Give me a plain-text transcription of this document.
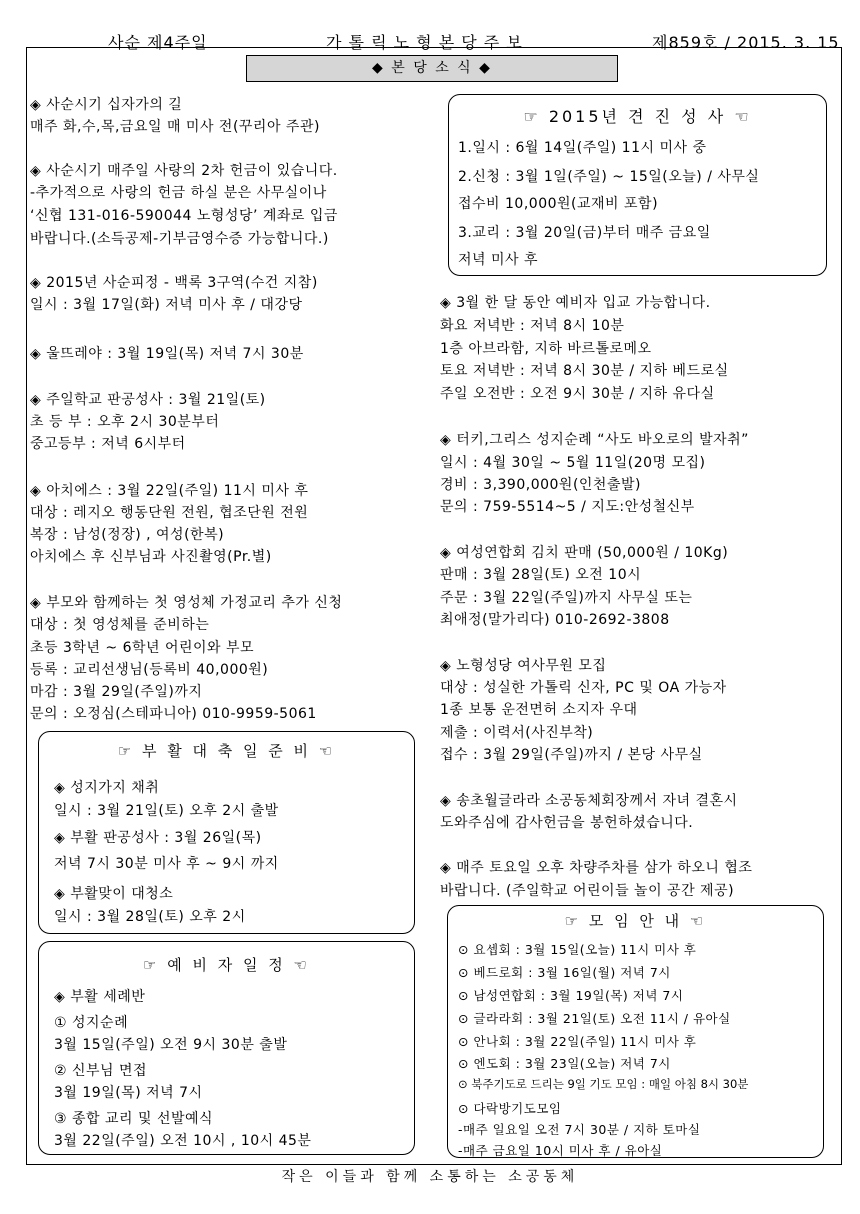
사순 제4주일	가 톨 릭 노 형 본 당 주 보	제859호 / 2015. 3. 15
◆ 본 당 소 식 ◆
◈ 사순시기 십자가의 길
매주 화,수,목,금요일 매 미사 전(꾸리아 주관)
◈ 사순시기 매주일 사랑의 2차 헌금이 있습니다.
-추가적으로 사랑의 헌금 하실 분은 사무실이나
‘신협 131-016-590044 노형성당’ 계좌로 입금
바랍니다.(소득공제-기부금영수증 가능합니다.)
◈ 2015년 사순피정 - 백록 3구역(수건 지참)
일시 : 3월 17일(화) 저녁 미사 후 / 대강당
◈ 울뜨레야 : 3월 19일(목) 저녁 7시 30분
◈ 주일학교 판공성사 : 3월 21일(토)
초 등 부 : 오후 2시 30분부터
중고등부 : 저녁 6시부터
◈ 아치에스 : 3월 22일(주일) 11시 미사 후
대상 : 레지오 행동단원 전원, 협조단원 전원
복장 : 남성(정장) , 여성(한복)
아치에스 후 신부님과 사진촬영(Pr.별)
◈ 부모와 함께하는 첫 영성체 가정교리 추가 신청
대상 : 첫 영성체를 준비하는
초등 3학년 ~ 6학년 어린이와 부모
등록 : 교리선생님(등록비 40,000원)
마감 : 3월 29일(주일)까지
문의 : 오정심(스테파니아) 010-9959-5061
☞ 부 활 대 축 일 준 비 ☜
◈ 성지가지 채취
일시 : 3월 21일(토) 오후 2시 출발
◈ 부활 판공성사 : 3월 26일(목)
저녁 7시 30분 미사 후 ~ 9시 까지
◈ 부활맞이 대청소
일시 : 3월 28일(토) 오후 2시
☞ 예 비 자 일 정 ☜
◈ 부활 세례반
① 성지순례
3월 15일(주일) 오전 9시 30분 출발
② 신부님 면접
3월 19일(목) 저녁 7시
③ 종합 교리 및 선발예식
3월 22일(주일) 오전 10시 , 10시 45분
☞ 2015년 견 진 성 사 ☜
1.일시 : 6월 14일(주일) 11시 미사 중
2.신청 : 3월 1일(주일) ~ 15일(오늘) / 사무실
접수비 10,000원(교재비 포함)
3.교리 : 3월 20일(금)부터 매주 금요일
저녁 미사 후
◈ 3월 한 달 동안 예비자 입교 가능합니다.
화요 저녁반 : 저녁 8시 10분
1층 아브라함, 지하 바르톨로메오
토요 저녁반 : 저녁 8시 30분 / 지하 베드로실
주일 오전반 : 오전 9시 30분 / 지하 유다실
◈ 터키,그리스 성지순례 “사도 바오로의 발자취”
일시 : 4월 30일 ~ 5월 11일(20명 모집)
경비 : 3,390,000원(인천출발)
문의 : 759-5514~5 / 지도:안성철신부
◈ 여성연합회 김치 판매 (50,000원 / 10Kg)
판매 : 3월 28일(토) 오전 10시
주문 : 3월 22일(주일)까지 사무실 또는
최애정(말가리다) 010-2692-3808
◈ 노형성당 여사무원 모집
대상 : 성실한 가톨릭 신자, PC 및 OA 가능자
1종 보통 운전면허 소지자 우대
제출 : 이력서(사진부착)
접수 : 3월 29일(주일)까지 / 본당 사무실
◈ 송초월글라라 소공동체회장께서 자녀 결혼시
도와주심에 감사헌금을 봉헌하셨습니다.
◈ 매주 토요일 오후 차량주차를 삼가 하오니 협조
바랍니다. (주일학교 어린이들 놀이 공간 제공)
☞ 모 임 안 내 ☜
⊙ 요셉회 : 3월 15일(오늘) 11시 미사 후
⊙ 베드로회 : 3월 16일(월) 저녁 7시
⊙ 남성연합회 : 3월 19일(목) 저녁 7시
⊙ 글라라회 : 3월 21일(토) 오전 11시 / 유아실
⊙ 안나회 : 3월 22일(주일) 11시 미사 후
⊙ 엔도회 : 3월 23일(오늘) 저녁 7시
⊙ 북주기도로 드리는 9일 기도 모임 : 매일 아침 8시 30분
⊙ 다락방기도모임
-매주 일요일 오전 7시 30분 / 지하 토마실
-매주 금요일 10시 미사 후 / 유아실
작은 이들과 함께 소통하는 소공동체
